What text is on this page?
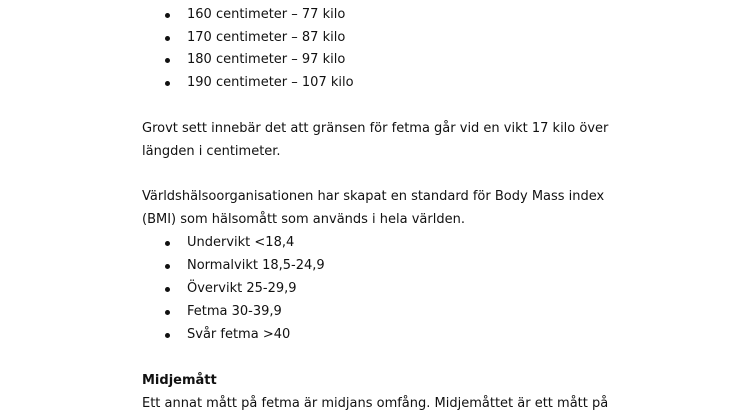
160 centimeter – 77 kilo
170 centimeter – 87 kilo
180 centimeter – 97 kilo
190 centimeter – 107 kilo
Grovt sett innebär det att gränsen för fetma går vid en vikt 17 kilo över
längden i centimeter.
Världshälsoorganisationen har skapat en standard för Body Mass index
(BMI) som hälsomått som används i hela världen.
Undervikt <18,4
Normalvikt 18,5-24,9
Övervikt 25-29,9
Fetma 30-39,9
Svår fetma >40
Midjemått
Ett annat mått på fetma är midjans omfång. Midjemåttet är ett mått på
